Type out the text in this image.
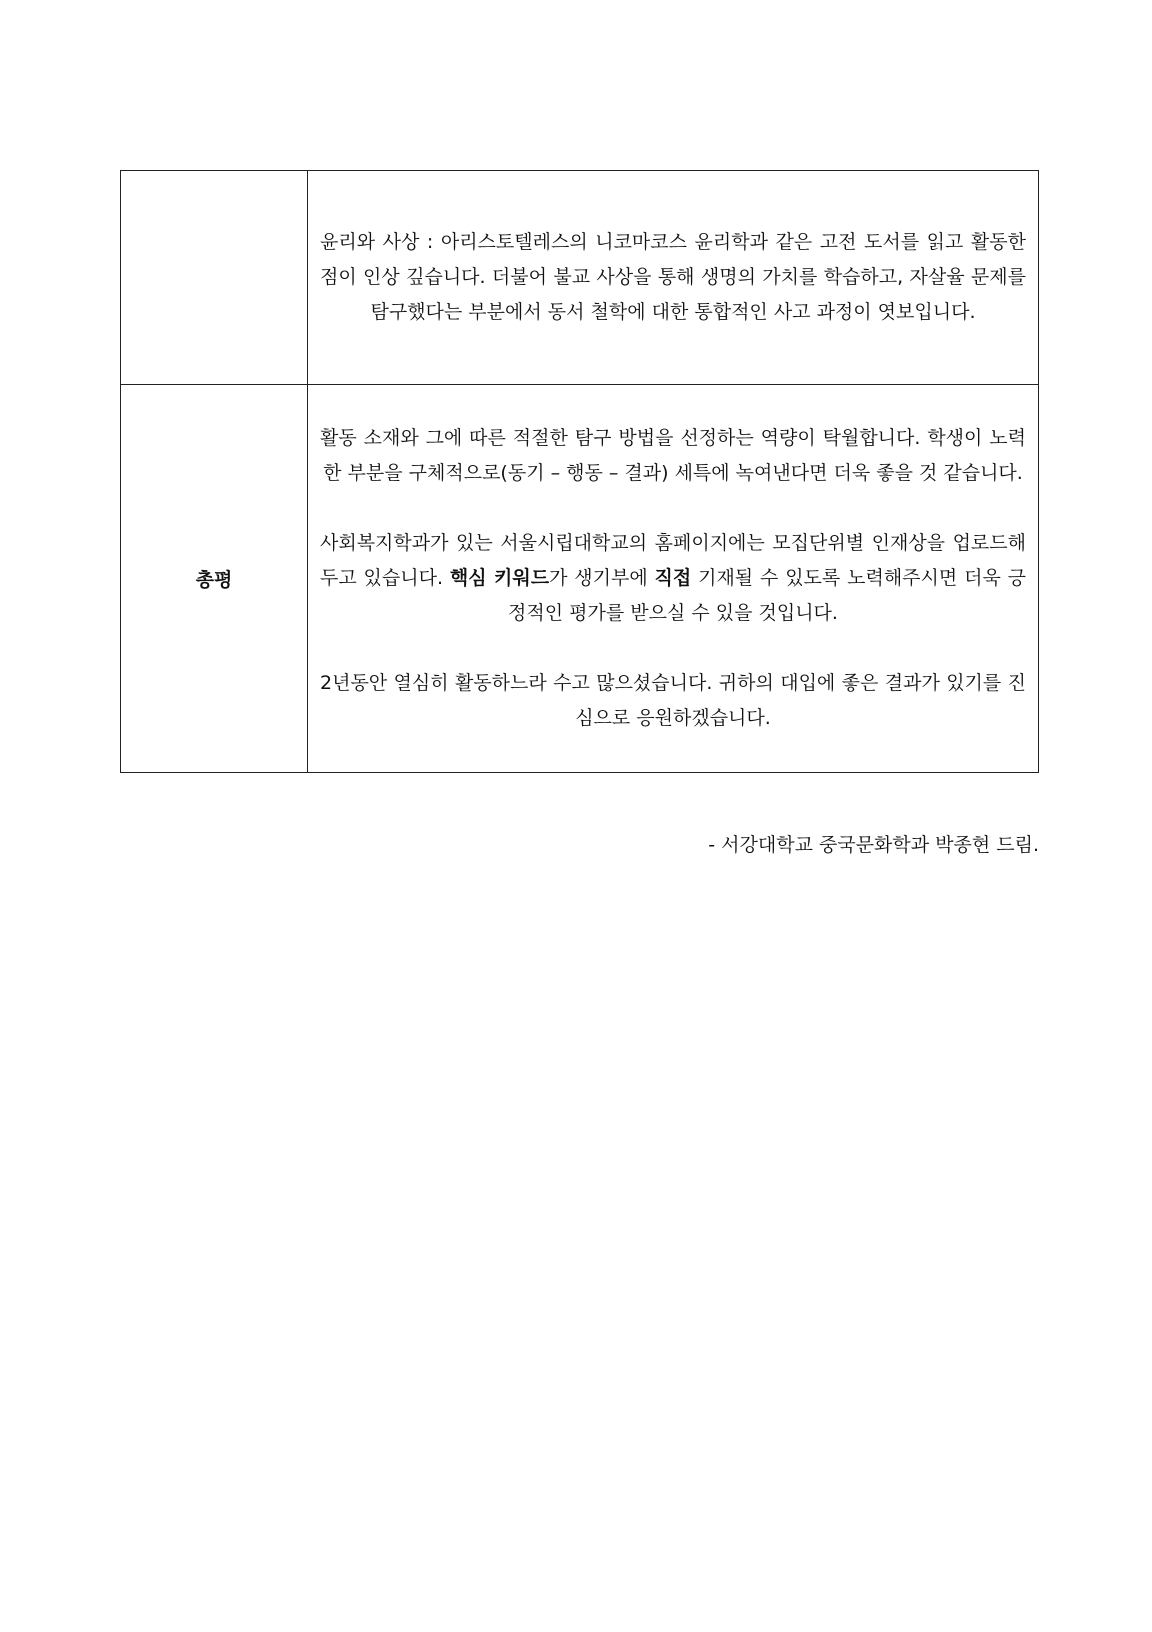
	윤리와 사상 : 아리스토텔레스의 니코마코스 윤리학과 같은 고전 도서를 읽고 활동한 점이 인상 깊습니다. 더불어 불교 사상을 통해 생명의 가치를 학습하고, 자살율 문제를 탐구했다는 부분에서 동서 철학에 대한 통합적인 사고 과정이 엿보입니다.

총평	활동 소재와 그에 따른 적절한 탐구 방법을 선정하는 역량이 탁월합니다. 학생이 노력한 부분을 구체적으로(동기 – 행동 – 결과) 세특에 녹여낸다면 더욱 좋을 것 같습니다.

사회복지학과가 있는 서울시립대학교의 홈페이지에는 모집단위별 인재상을 업로드해두고 있습니다. 핵심 키워드가 생기부에 직접 기재될 수 있도록 노력해주시면 더욱 긍정적인 평가를 받으실 수 있을 것입니다.

2년동안 열심히 활동하느라 수고 많으셨습니다. 귀하의 대입에 좋은 결과가 있기를 진심으로 응원하겠습니다.

- 서강대학교 중국문화학과 박종현 드림.
